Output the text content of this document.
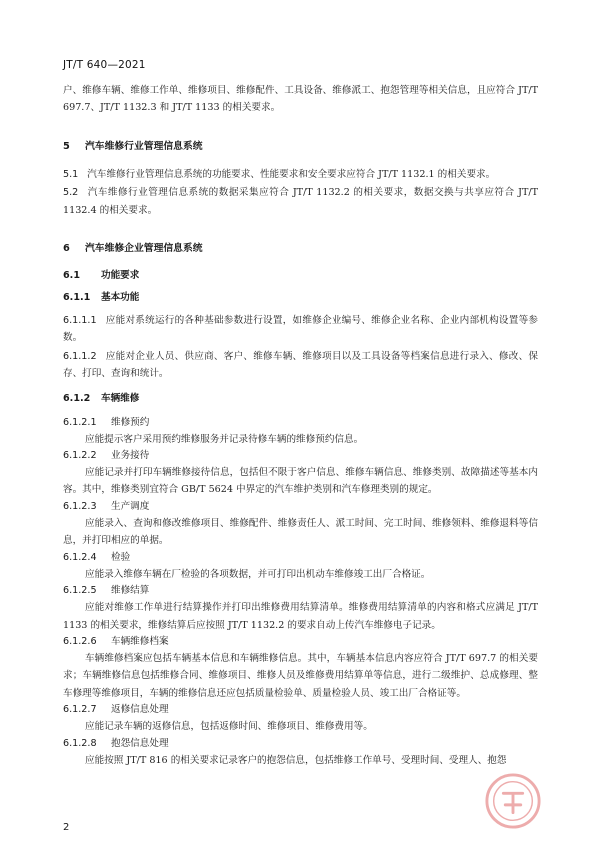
JT/T 640—2021

户、维修车辆、维修工作单、维修项目、维修配件、工具设备、维修派工、抱怨管理等相关信息，且应符合 JT/T 697.7、JT/T 1132.3 和 JT/T 1133 的相关要求。

5 汽车维修行业管理信息系统

5.1 汽车维修行业管理信息系统的功能要求、性能要求和安全要求应符合 JT/T 1132.1 的相关要求。

5.2 汽车维修行业管理信息系统的数据采集应符合 JT/T 1132.2 的相关要求，数据交换与共享应符合 JT/T 1132.4 的相关要求。

6 汽车维修企业管理信息系统
6.1 功能要求
6.1.1 基本功能

6.1.1.1 应能对系统运行的各种基础参数进行设置，如维修企业编号、维修企业名称、企业内部机构设置等参数。

6.1.1.2 应能对企业人员、供应商、客户、维修车辆、维修项目以及工具设备等档案信息进行录入、修改、保存、打印、查询和统计。

6.1.2 车辆维修
6.1.2.1 维修预约

应能提示客户采用预约维修服务并记录待修车辆的维修预约信息。

6.1.2.2 业务接待

应能记录并打印车辆维修接待信息，包括但不限于客户信息、维修车辆信息、维修类别、故障描述等基本内容。其中，维修类别宜符合 GB/T 5624 中界定的汽车维护类别和汽车修理类别的规定。

6.1.2.3 生产调度

应能录入、查询和修改维修项目、维修配件、维修责任人、派工时间、完工时间、维修领料、维修退料等信息，并打印相应的单据。

6.1.2.4 检验

应能录入维修车辆在厂检验的各项数据，并可打印出机动车维修竣工出厂合格证。

6.1.2.5 维修结算

应能对维修工作单进行结算操作并打印出维修费用结算清单。维修费用结算清单的内容和格式应满足 JT/T 1133 的相关要求，维修结算后应按照 JT/T 1132.2 的要求自动上传汽车维修电子记录。

6.1.2.6 车辆维修档案

车辆维修档案应包括车辆基本信息和车辆维修信息。其中，车辆基本信息内容应符合 JT/T 697.7 的相关要求；车辆维修信息包括维修合同、维修项目、维修人员及维修费用结算单等信息，进行二级维护、总成修理、整车修理等维修项目，车辆的维修信息还应包括质量检验单、质量检验人员、竣工出厂合格证等。

6.1.2.7 返修信息处理

应能记录车辆的返修信息，包括返修时间、维修项目、维修费用等。

6.1.2.8 抱怨信息处理

应能按照 JT/T 816 的相关要求记录客户的抱怨信息，包括维修工作单号、受理时间、受理人、抱怨

2
